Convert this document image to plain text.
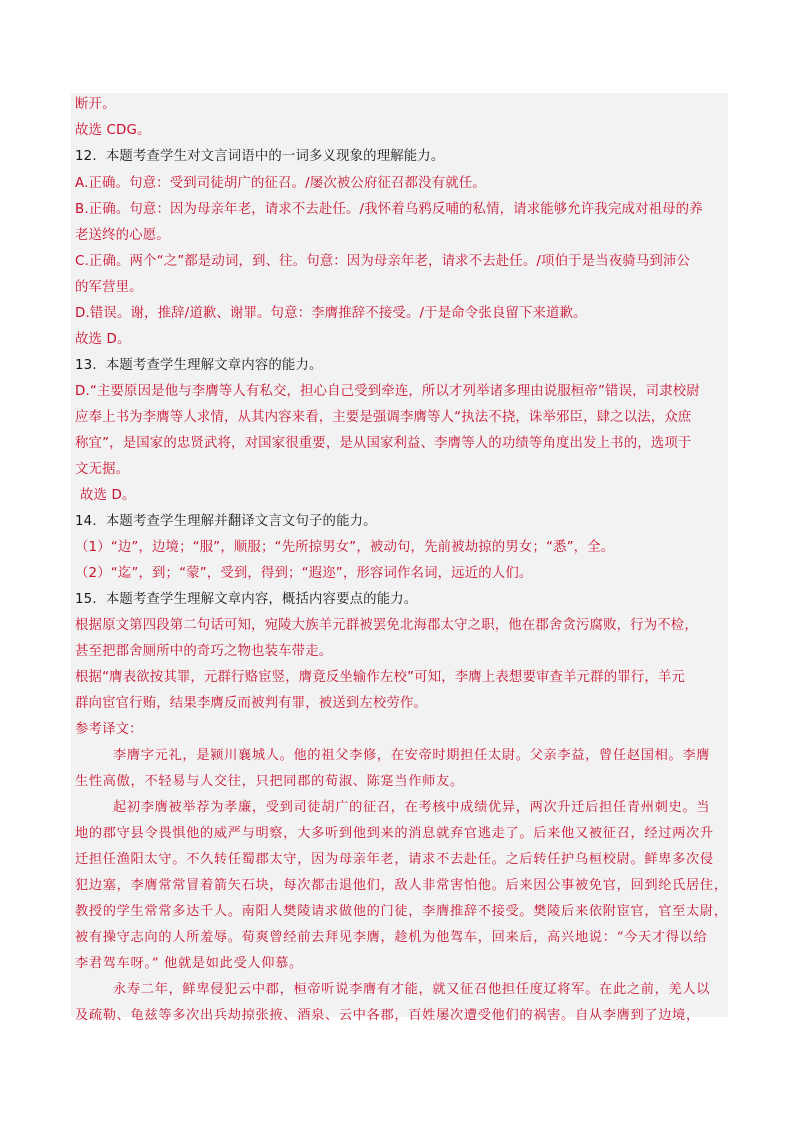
断开。
故选 CDG。
12．本题考查学生对文言词语中的一词多义现象的理解能力。
A.正确。句意：受到司徒胡广的征召。/屡次被公府征召都没有就任。
B.正确。句意：因为母亲年老，请求不去赴任。/我怀着乌鸦反哺的私情，请求能够允许我完成对祖母的养
老送终的心愿。
C.正确。两个“之”都是动词，到、往。句意：因为母亲年老，请求不去赴任。/项伯于是当夜骑马到沛公
的军营里。
D.错误。谢，推辞/道歉、谢罪。句意：李膺推辞不接受。/于是命令张良留下来道歉。
故选 D。
13．本题考查学生理解文章内容的能力。
D.“主要原因是他与李膺等人有私交，担心自己受到牵连，所以才列举诸多理由说服桓帝”错误，司隶校尉
应奉上书为李膺等人求情，从其内容来看，主要是强调李膺等人“执法不挠，诛举邪臣，肆之以法，众庶
称宜”，是国家的忠贤武将，对国家很重要，是从国家利益、李膺等人的功绩等角度出发上书的，选项于
文无据。
故选 D。
14．本题考查学生理解并翻译文言文句子的能力。
（1）“边”，边境；“服”，顺服；“先所掠男女”，被动句，先前被劫掠的男女；“悉”，全。
（2）“迄”，到；“蒙”，受到，得到；“遐迩”，形容词作名词，远近的人们。
15．本题考查学生理解文章内容，概括内容要点的能力。
根据原文第四段第二句话可知，宛陵大族羊元群被罢免北海郡太守之职，他在郡舍贪污腐败，行为不检，
甚至把郡舍厕所中的奇巧之物也装车带走。
根据“膺表欲按其罪，元群行赂宦竖，膺竟反坐输作左校”可知，李膺上表想要审查羊元群的罪行，羊元
群向宦官行贿，结果李膺反而被判有罪，被送到左校劳作。
参考译文：
李膺字元礼，是颍川襄城人。他的祖父李修，在安帝时期担任太尉。父亲李益，曾任赵国相。李膺
生性高傲，不轻易与人交往，只把同郡的荀淑、陈寔当作师友。
起初李膺被举荐为孝廉，受到司徒胡广的征召，在考核中成绩优异，两次升迁后担任青州刺史。当
地的郡守县令畏惧他的威严与明察，大多听到他到来的消息就弃官逃走了。后来他又被征召，经过两次升
迁担任渔阳太守。不久转任蜀郡太守，因为母亲年老，请求不去赴任。之后转任护乌桓校尉。鲜卑多次侵
犯边塞，李膺常常冒着箭矢石块，每次都击退他们，敌人非常害怕他。后来因公事被免官，回到纶氏居住，
教授的学生常常多达千人。南阳人樊陵请求做他的门徒，李膺推辞不接受。樊陵后来依附宦官，官至太尉，
被有操守志向的人所羞辱。荀爽曾经前去拜见李膺，趁机为他驾车，回来后，高兴地说：“今天才得以给
李君驾车呀。” 他就是如此受人仰慕。
永寿二年，鲜卑侵犯云中郡，桓帝听说李膺有才能，就又征召他担任度辽将军。在此之前，羌人以
及疏勒、龟兹等多次出兵劫掠张掖、酒泉、云中各郡，百姓屡次遭受他们的祸害。自从李膺到了边境，
